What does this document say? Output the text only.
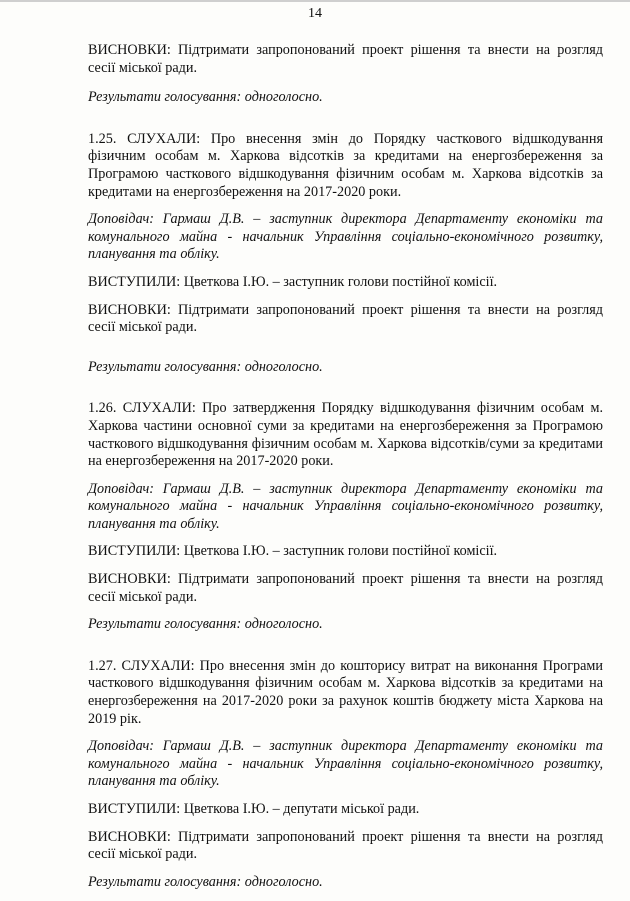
14

ВИСНОВКИ: Підтримати запропонований проект рішення та внести на розгляд сесії міської ради.

Результати голосування: одноголосно.

1.25. СЛУХАЛИ: Про внесення змін до Порядку часткового відшкодування фізичним особам м. Харкова відсотків за кредитами на енергозбереження за Програмою часткового відшкодування фізичним особам м. Харкова відсотків за кредитами на енергозбереження на 2017-2020 роки.

Доповідач: Гармаш Д.В. – заступник директора Департаменту економіки та комунального майна - начальник Управління соціально-економічного розвитку, планування та обліку.

ВИСТУПИЛИ: Цветкова І.Ю. – заступник голови постійної комісії.

ВИСНОВКИ: Підтримати запропонований проект рішення та внести на розгляд сесії міської ради.

Результати голосування: одноголосно.

1.26. СЛУХАЛИ: Про затвердження Порядку відшкодування фізичним особам м. Харкова частини основної суми за кредитами на енергозбереження за Програмою часткового відшкодування фізичним особам м. Харкова відсотків/суми за кредитами на енергозбереження на 2017-2020 роки.

Доповідач: Гармаш Д.В. – заступник директора Департаменту економіки та комунального майна - начальник Управління соціально-економічного розвитку, планування та обліку.

ВИСТУПИЛИ: Цветкова І.Ю. – заступник голови постійної комісії.

ВИСНОВКИ: Підтримати запропонований проект рішення та внести на розгляд сесії міської ради.

Результати голосування: одноголосно.

1.27. СЛУХАЛИ: Про внесення змін до кошторису витрат на виконання Програми часткового відшкодування фізичним особам м. Харкова відсотків за кредитами на енергозбереження на 2017-2020 роки за рахунок коштів бюджету міста Харкова на 2019 рік.

Доповідач: Гармаш Д.В. – заступник директора Департаменту економіки та комунального майна - начальник Управління соціально-економічного розвитку, планування та обліку.

ВИСТУПИЛИ: Цветкова І.Ю. – депутати міської ради.

ВИСНОВКИ: Підтримати запропонований проект рішення та внести на розгляд сесії міської ради.

Результати голосування: одноголосно.
